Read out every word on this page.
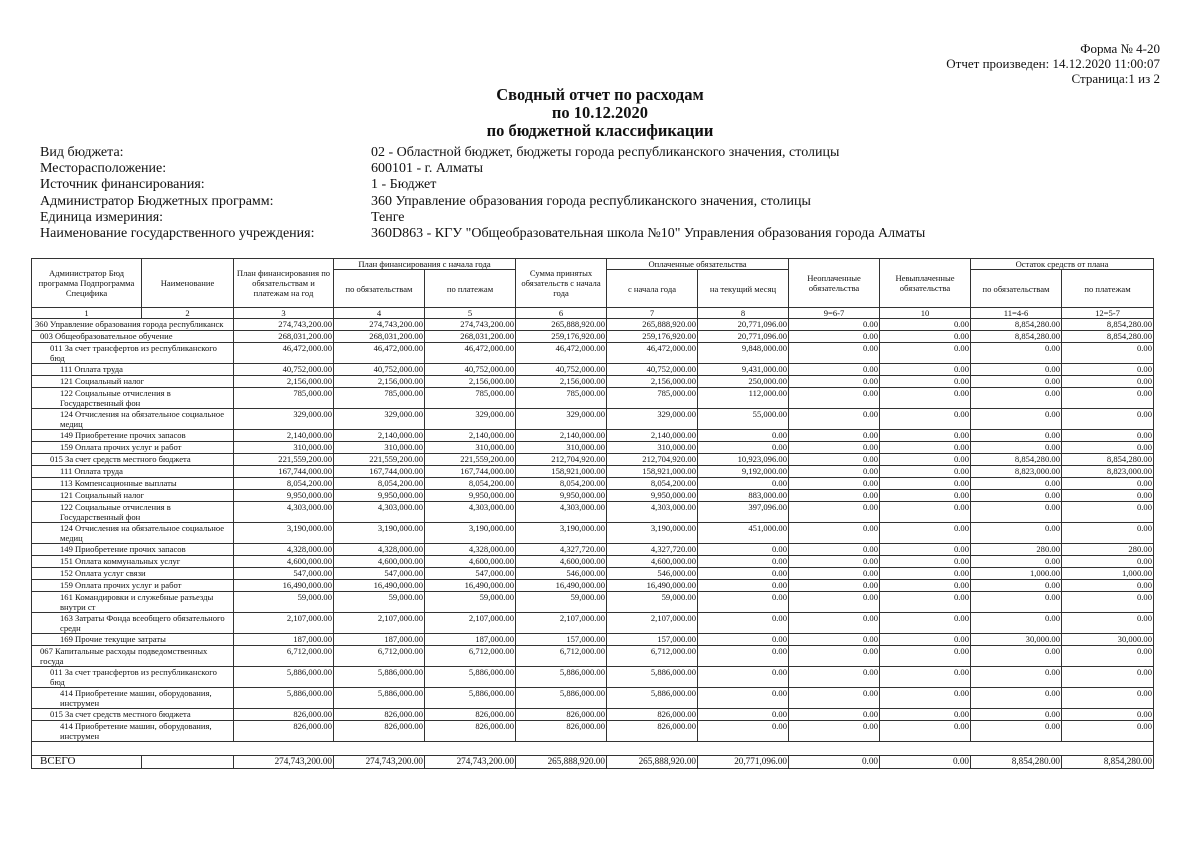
Форма № 4-20
Отчет произведен: 14.12.2020 11:00:07
Страница:1 из 2
Сводный отчет по расходам
по 10.12.2020
по бюджетной классификации
Вид бюджета:	02 - Областной бюджет, бюджеты города республиканского значения, столицы
Месторасположение:	600101 - г. Алматы
Источник финансирования:	1 - Бюджет
Администратор Бюджетных программ:	360 Управление образования города республиканского значения, столицы
Единица измериния:	Тенге
Наименование государственного учреждения:	360D863 - КГУ "Общеобразовательная школа №10" Управления образования города Алматы
Администратор Бюд программа Подпрограмма Специфика	Наименование	План финансирования по обязательствам и платежам на год	План финансирования с начала года		Сумма принятых обязательств с начала года	Оплаченные обязательства		Неоплаченные обязательства	Невыплаченные обязательства	Остаток средств от плана	
			по обязательствам	по платежам		с начала года	на текущий месяц			по обязательствам	по платежам
1	2	3	4	5	6	7	8	9=6-7	10	11=4-6	12=5-7
360 Управление образования города республиканск		274,743,200.00	274,743,200.00	274,743,200.00	265,888,920.00	265,888,920.00	20,771,096.00	0.00	0.00	8,854,280.00	8,854,280.00
003 Общеобразовательное обучение		268,031,200.00	268,031,200.00	268,031,200.00	259,176,920.00	259,176,920.00	20,771,096.00	0.00	0.00	8,854,280.00	8,854,280.00
011 За счет трансфертов из республиканского бюд		46,472,000.00	46,472,000.00	46,472,000.00	46,472,000.00	46,472,000.00	9,848,000.00	0.00	0.00	0.00	0.00
111 Оплата труда		40,752,000.00	40,752,000.00	40,752,000.00	40,752,000.00	40,752,000.00	9,431,000.00	0.00	0.00	0.00	0.00
121 Социальный налог		2,156,000.00	2,156,000.00	2,156,000.00	2,156,000.00	2,156,000.00	250,000.00	0.00	0.00	0.00	0.00
122 Социальные отчисления в Государственный фон		785,000.00	785,000.00	785,000.00	785,000.00	785,000.00	112,000.00	0.00	0.00	0.00	0.00
124 Отчисления на обязательное социальное медиц		329,000.00	329,000.00	329,000.00	329,000.00	329,000.00	55,000.00	0.00	0.00	0.00	0.00
149 Приобретение прочих запасов		2,140,000.00	2,140,000.00	2,140,000.00	2,140,000.00	2,140,000.00	0.00	0.00	0.00	0.00	0.00
159 Оплата прочих услуг и работ		310,000.00	310,000.00	310,000.00	310,000.00	310,000.00	0.00	0.00	0.00	0.00	0.00
015 За счет средств местного бюджета		221,559,200.00	221,559,200.00	221,559,200.00	212,704,920.00	212,704,920.00	10,923,096.00	0.00	0.00	8,854,280.00	8,854,280.00
111 Оплата труда		167,744,000.00	167,744,000.00	167,744,000.00	158,921,000.00	158,921,000.00	9,192,000.00	0.00	0.00	8,823,000.00	8,823,000.00
113 Компенсационные выплаты		8,054,200.00	8,054,200.00	8,054,200.00	8,054,200.00	8,054,200.00	0.00	0.00	0.00	0.00	0.00
121 Социальный налог		9,950,000.00	9,950,000.00	9,950,000.00	9,950,000.00	9,950,000.00	883,000.00	0.00	0.00	0.00	0.00
122 Социальные отчисления в Государственный фон		4,303,000.00	4,303,000.00	4,303,000.00	4,303,000.00	4,303,000.00	397,096.00	0.00	0.00	0.00	0.00
124 Отчисления на обязательное социальное медиц		3,190,000.00	3,190,000.00	3,190,000.00	3,190,000.00	3,190,000.00	451,000.00	0.00	0.00	0.00	0.00
149 Приобретение прочих запасов		4,328,000.00	4,328,000.00	4,328,000.00	4,327,720.00	4,327,720.00	0.00	0.00	0.00	280.00	280.00
151 Оплата коммунальных услуг		4,600,000.00	4,600,000.00	4,600,000.00	4,600,000.00	4,600,000.00	0.00	0.00	0.00	0.00	0.00
152 Оплата услуг связи		547,000.00	547,000.00	547,000.00	546,000.00	546,000.00	0.00	0.00	0.00	1,000.00	1,000.00
159 Оплата прочих услуг и работ		16,490,000.00	16,490,000.00	16,490,000.00	16,490,000.00	16,490,000.00	0.00	0.00	0.00	0.00	0.00
161 Командировки и служебные разъезды внутри ст		59,000.00	59,000.00	59,000.00	59,000.00	59,000.00	0.00	0.00	0.00	0.00	0.00
163 Затраты Фонда всеобщего обязательного средн		2,107,000.00	2,107,000.00	2,107,000.00	2,107,000.00	2,107,000.00	0.00	0.00	0.00	0.00	0.00
169 Прочие текущие затраты		187,000.00	187,000.00	187,000.00	157,000.00	157,000.00	0.00	0.00	0.00	30,000.00	30,000.00
067 Капитальные расходы подведомственных госуда		6,712,000.00	6,712,000.00	6,712,000.00	6,712,000.00	6,712,000.00	0.00	0.00	0.00	0.00	0.00
011 За счет трансфертов из республиканского бюд		5,886,000.00	5,886,000.00	5,886,000.00	5,886,000.00	5,886,000.00	0.00	0.00	0.00	0.00	0.00
414 Приобретение машин, оборудования, инструмен		5,886,000.00	5,886,000.00	5,886,000.00	5,886,000.00	5,886,000.00	0.00	0.00	0.00	0.00	0.00
015 За счет средств местного бюджета		826,000.00	826,000.00	826,000.00	826,000.00	826,000.00	0.00	0.00	0.00	0.00	0.00
414 Приобретение машин, оборудования, инструмен		826,000.00	826,000.00	826,000.00	826,000.00	826,000.00	0.00	0.00	0.00	0.00	0.00

ВСЕГО		274,743,200.00	274,743,200.00	274,743,200.00	265,888,920.00	265,888,920.00	20,771,096.00	0.00	0.00	8,854,280.00	8,854,280.00
